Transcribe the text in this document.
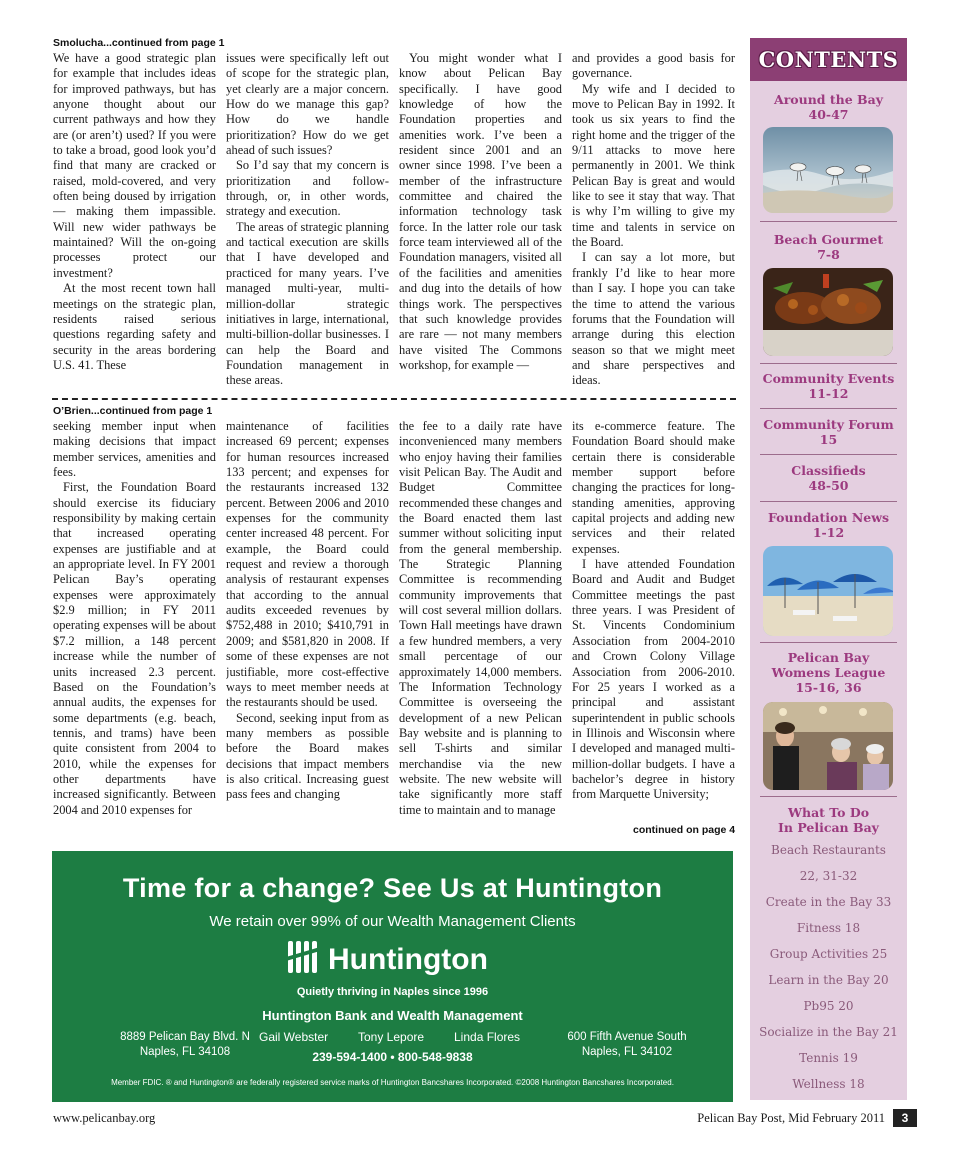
Smolucha...continued from page 1

We have a good strategic plan for example that includes ideas for improved pathways, but has anyone thought about our current pathways and how they are (or aren’t) used? If you were to take a broad, good look you’d find that many are cracked or raised, mold-covered, and very often being doused by irrigation — making them impassible. Will new wider pathways be maintained? Will the on-going processes protect our investment?

At the most recent town hall meetings on the strategic plan, residents raised serious questions regarding safety and security in the areas bordering U.S. 41. These

issues were specifically left out of scope for the strategic plan, yet clearly are a major concern. How do we manage this gap? How do we handle prioritization? How do we get ahead of such issues?

So I’d say that my concern is prioritization and follow-through, or, in other words, strategy and execution.

The areas of strategic planning and tactical execution are skills that I have developed and practiced for many years. I’ve managed multi-year, multi-million-dollar strategic initiatives in large, international, multi-billion-dollar businesses. I can help the Board and Foundation management in these areas.

You might wonder what I know about Pelican Bay specifically. I have good knowledge of how the Foundation properties and amenities work. I’ve been a resident since 2001 and an owner since 1998. I’ve been a member of the infrastructure committee and chaired the information technology task force. In the latter role our task force team interviewed all of the Foundation managers, visited all of the facilities and amenities and dug into the details of how things work. The perspectives that such knowledge provides are rare — not many members have visited The Commons workshop, for example —

and provides a good basis for governance.

My wife and I decided to move to Pelican Bay in 1992. It took us six years to find the right home and the trigger of the 9/11 attacks to move here permanently in 2001. We think Pelican Bay is great and would like to see it stay that way. That is why I’m willing to give my time and talents in service on the Board.

I can say a lot more, but frankly I’d like to hear more than I say. I hope you can take the time to attend the various forums that the Foundation will arrange during this election season so that we might meet and share perspectives and ideas.

O’Brien...continued from page 1

seeking member input when making decisions that impact member services, amenities and fees.

First, the Foundation Board should exercise its fiduciary responsibility by making certain that increased operating expenses are justifiable and at an appropriate level. In FY 2001 Pelican Bay’s operating expenses were approximately $2.9 million; in FY 2011 operating expenses will be about $7.2 million, a 148 percent increase while the number of units increased 2.3 percent. Based on the Foundation’s annual audits, the expenses for some departments (e.g. beach, tennis, and trams) have been quite consistent from 2004 to 2010, while the expenses for other departments have increased significantly. Between 2004 and 2010 expenses for

maintenance of facilities increased 69 percent; expenses for human resources increased 133 percent; and expenses for the restaurants increased 132 percent. Between 2006 and 2010 expenses for the community center increased 48 percent. For example, the Board could request and review a thorough analysis of restaurant expenses that according to the annual audits exceeded revenues by $752,488 in 2010; $410,791 in 2009; and $581,820 in 2008. If some of these expenses are not justifiable, more cost-effective ways to meet member needs at the restaurants should be used.

Second, seeking input from as many members as possible before the Board makes decisions that impact members is also critical. Increasing guest pass fees and changing

the fee to a daily rate have inconvenienced many members who enjoy having their families visit Pelican Bay. The Audit and Budget Committee recommended these changes and the Board enacted them last summer without soliciting input from the general membership. The Strategic Planning Committee is recommending community improvements that will cost several million dollars. Town Hall meetings have drawn a few hundred members, a very small percentage of our approximately 14,000 members. The Information Technology Committee is overseeing the development of a new Pelican Bay website and is planning to sell T-shirts and similar merchandise via the new website. The new website will take significantly more staff time to maintain and to manage

its e-commerce feature. The Foundation Board should make certain there is considerable member support before changing the practices for long-standing amenities, approving capital projects and adding new services and their related expenses.

I have attended Foundation Board and Audit and Budget Committee meetings the past three years. I was President of St. Vincents Condominium Association from 2004-2010 and Crown Colony Village Association from 2006-2010. For 25 years I worked as a principal and assistant superintendent in public schools in Illinois and Wisconsin where I developed and managed multi-million-dollar budgets. I have a bachelor’s degree in history from Marquette University;

continued on page 4
CONTENTS
Around the Bay
40-47
Beach Gourmet
7-8
Community Events
11-12
Community Forum
15
Classifieds
48-50
Foundation News
1-12
Pelican Bay
Womens League
15-16, 36
What To Do
In Pelican Bay
Beach Restaurants
22, 31-32
Create in the Bay 33
Fitness 18
Group Activities 25
Learn in the Bay 20
Pb95 20
Socialize in the Bay 21
Tennis 19
Wellness 18
Time for a change? See Us at Huntington
We retain over 99% of our Wealth Management Clients
Huntington
Quietly thriving in Naples since 1996
Huntington Bank and Wealth Management
8889 Pelican Bay Blvd. N
Naples, FL 34108
Gail Webster Tony Lepore Linda Flores	600 Fifth Avenue South
Naples, FL 34102
239-594-1400 • 800-548-9838
Member FDIC. ® and Huntington® are federally registered service marks of Huntington Bancshares Incorporated. ©2008 Huntington Bancshares Incorporated.
www.pelicanbay.org	Pelican Bay Post, Mid February 2011	3
